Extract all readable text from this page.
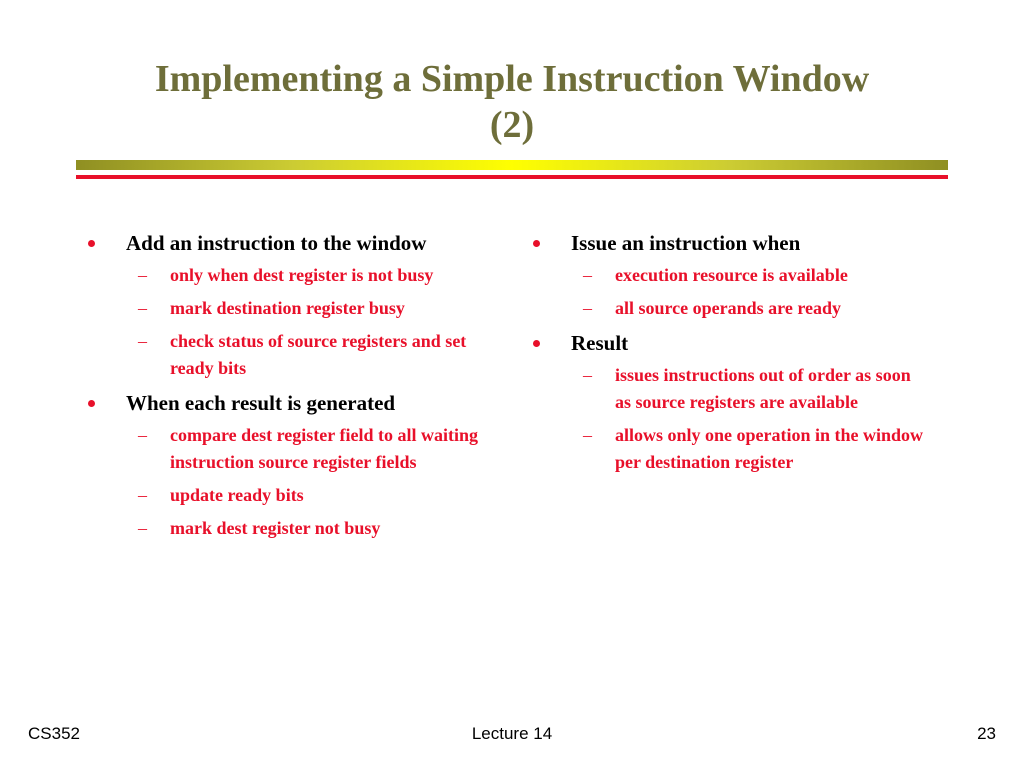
Implementing a Simple Instruction Window
(2)
Add an instruction to the window
– only when dest register is not busy
– mark destination register busy
– check status of source registers and set ready bits
When each result is generated
– compare dest register field to all waiting instruction source register fields
– update ready bits
– mark dest register not busy
Issue an instruction when
– execution resource is available
– all source operands are ready
Result
– issues instructions out of order as soon as source registers are available
– allows only one operation in the window per destination register
CS352	Lecture 14	23
